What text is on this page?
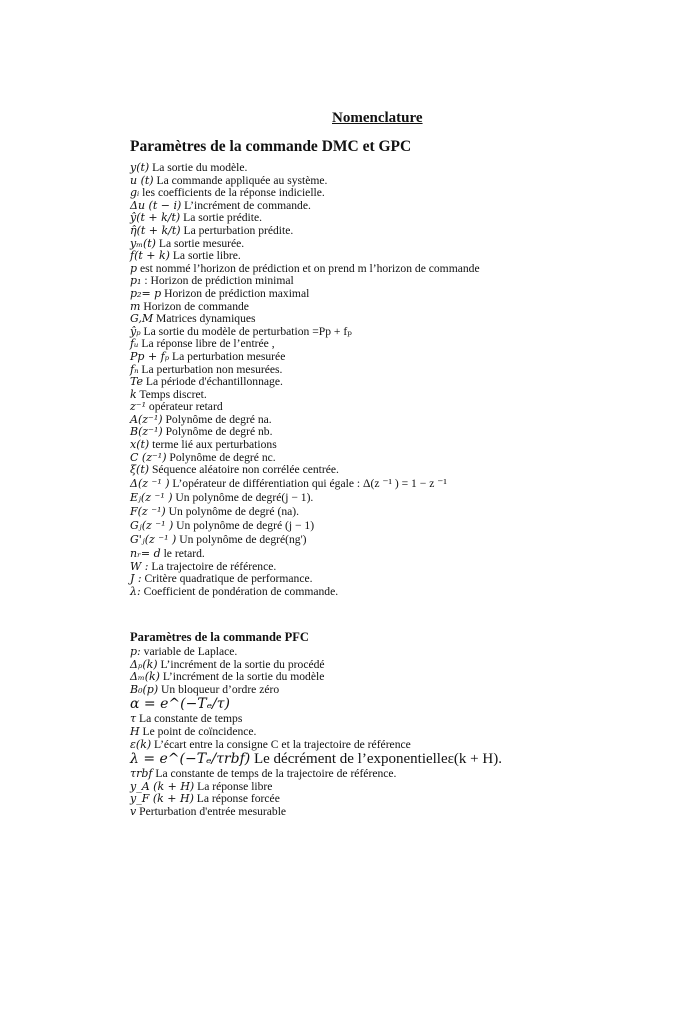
Nomenclature
Paramètres de la commande DMC et GPC
y(t) La sortie du modèle.
u (t) La commande appliquée au système.
gᵢ les coefficients de la réponse indicielle.
Δu (t − i) L’incrément de commande.
ŷ(t + k/t) La sortie prédite.
η̂(t + k/t) La perturbation prédite.
yₘ(t) La sortie mesurée.
f(t + k) La sortie libre.
p est nommé l’horizon de prédiction et on prend m l’horizon de commande
p₁ : Horizon de prédiction minimal
p₂= p Horizon de prédiction maximal
m Horizon de commande
G,M Matrices dynamiques
ŷₚ La sortie du modèle de perturbation =Pp + fₚ
fᵤ La réponse libre de l’entrée ,
Pp + fₚ La perturbation mesurée
fₙ La perturbation non mesurées.
Te La période d'échantillonnage.
k Temps discret.
z⁻¹ opérateur retard
A(z⁻¹) Polynôme de degré na.
B(z⁻¹) Polynôme de degré nb.
x(t) terme lié aux perturbations
C (z⁻¹) Polynôme de degré nc.
ξ(t) Séquence aléatoire non corrélée centrée.
Δ(z ⁻¹ ) L’opérateur de différentiation qui égale : Δ(z ⁻¹ ) = 1 − z ⁻¹
Eⱼ(z ⁻¹ ) Un polynôme de degré(j − 1).
F(z ⁻¹) Un polynôme de degré (na).
Gⱼ(z ⁻¹ ) Un polynôme de degré (j − 1)
G'ⱼ(z ⁻¹ ) Un polynôme de degré(ng')
nᵣ= d le retard.
W : La trajectoire de référence.
J : Critère quadratique de performance.
λ: Coefficient de pondération de commande.
Paramètres de la commande PFC
p: variable de Laplace.
Δₚ(k) L’incrément de la sortie du procédé
Δₘ(k) L’incrément de la sortie du modèle
B₀(p) Un bloqueur d’ordre zéro
α = e^(−Tₑ/τ)
τ La constante de temps
H Le point de coïncidence.
ε(k) L’écart entre la consigne C et la trajectoire de référence
λ = e^(−Tₑ/τrbf) Le décrément de l’exponentielleε(k + H).
τrbf La constante de temps de la trajectoire de référence.
y_A (k + H) La réponse libre
y_F (k + H) La réponse forcée
v Perturbation d'entrée mesurable
